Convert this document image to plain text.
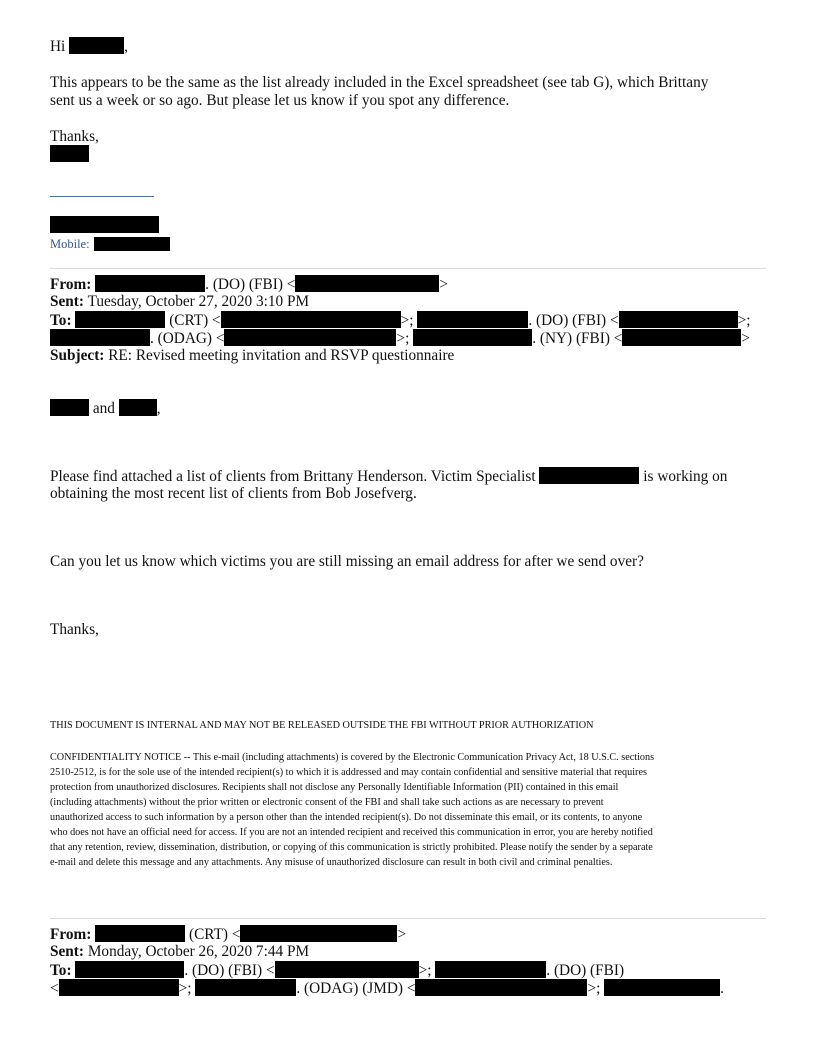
Hi	,
This appears to be the same as the list already included in the Excel spreadsheet (see tab G), which Brittany
sent us a week or so ago. But please let us know if you spot any difference.
Thanks,
Mobile:
From:	. (DO) (FBI) <	>
Sent: Tuesday, October 27, 2020 3:10 PM
To:	(CRT) <	>;	. (DO) (FBI) <	>;
. (ODAG) <	>;	. (NY) (FBI) <	>
Subject: RE: Revised meeting invitation and RSVP questionnaire
and	,
Please find attached a list of clients from Brittany Henderson. Victim Specialist	is working on
obtaining the most recent list of clients from Bob Josefverg.
Can you let us know which victims you are still missing an email address for after we send over?
Thanks,
THIS DOCUMENT IS INTERNAL AND MAY NOT BE RELEASED OUTSIDE THE FBI WITHOUT PRIOR AUTHORIZATION
CONFIDENTIALITY NOTICE -- This e-mail (including attachments) is covered by the Electronic Communication Privacy Act, 18 U.S.C. sections
2510-2512, is for the sole use of the intended recipient(s) to which it is addressed and may contain confidential and sensitive material that requires
protection from unauthorized disclosures. Recipients shall not disclose any Personally Identifiable Information (PII) contained in this email
(including attachments) without the prior written or electronic consent of the FBI and shall take such actions as are necessary to prevent
unauthorized access to such information by a person other than the intended recipient(s). Do not disseminate this email, or its contents, to anyone
who does not have an official need for access. If you are not an intended recipient and received this communication in error, you are hereby notified
that any retention, review, dissemination, distribution, or copying of this communication is strictly prohibited. Please notify the sender by a separate
e-mail and delete this message and any attachments. Any misuse of unauthorized disclosure can result in both civil and criminal penalties.
From:	(CRT) <	>
Sent: Monday, October 26, 2020 7:44 PM
To:	. (DO) (FBI) <	>;	. (DO) (FBI)
<	>;	. (ODAG) (JMD) <	>;	.
